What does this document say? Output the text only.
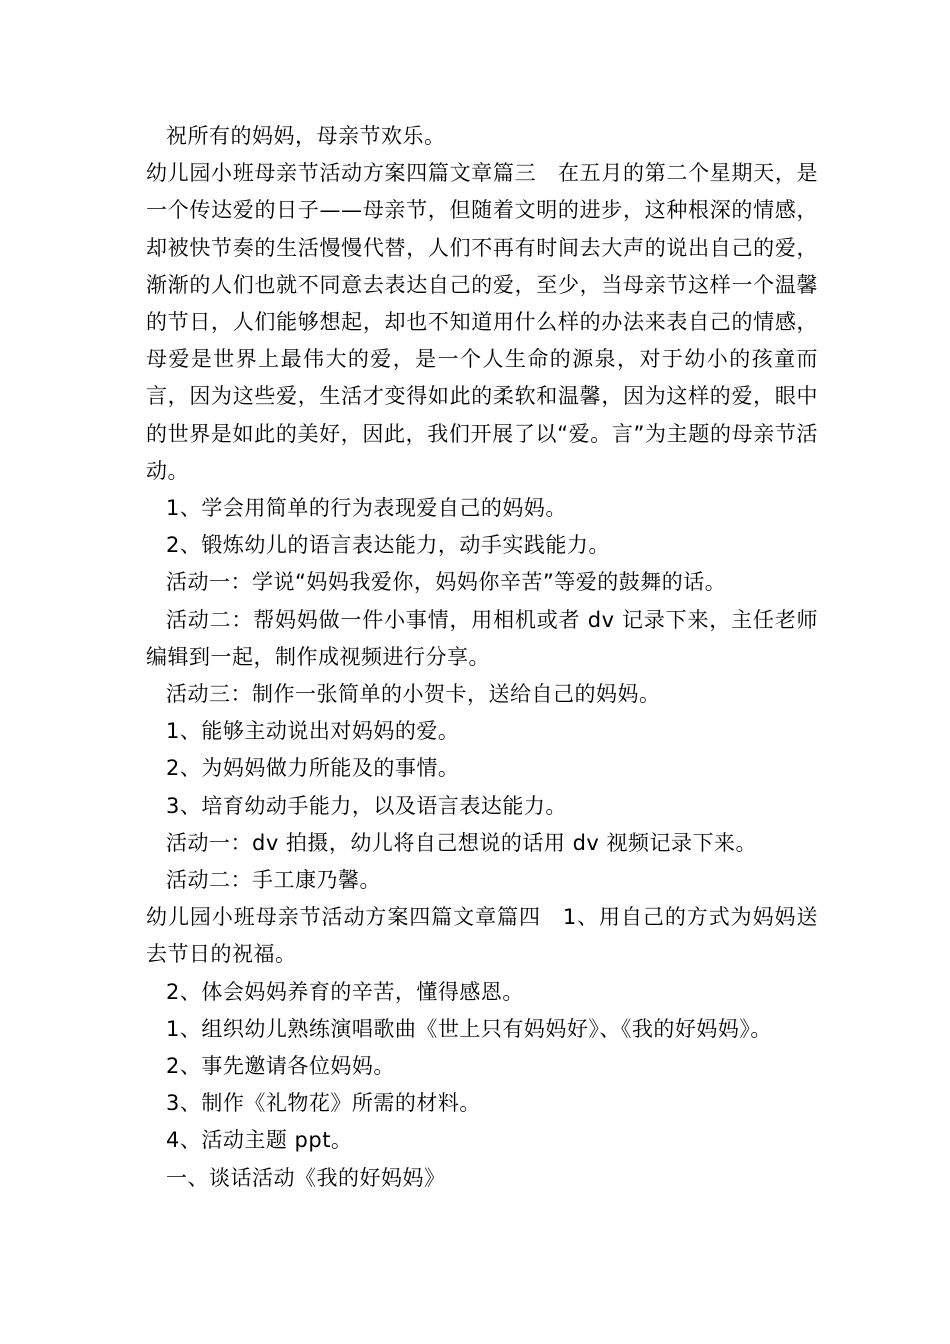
祝所有的妈妈，母亲节欢乐。

幼儿园小班母亲节活动方案四篇文章篇三　在五月的第二个星期天，是一个传达爱的日子——母亲节，但随着文明的进步，这种根深的情感，却被快节奏的生活慢慢代替，人们不再有时间去大声的说出自己的爱，渐渐的人们也就不同意去表达自己的爱，至少，当母亲节这样一个温馨的节日，人们能够想起，却也不知道用什么样的办法来表自己的情感，母爱是世界上最伟大的爱，是一个人生命的源泉，对于幼小的孩童而言，因为这些爱，生活才变得如此的柔软和温馨，因为这样的爱，眼中的世界是如此的美好，因此，我们开展了以“爱。言”为主题的母亲节活动。

1、学会用简单的行为表现爱自己的妈妈。

2、锻炼幼儿的语言表达能力，动手实践能力。

活动一：学说“妈妈我爱你，妈妈你辛苦”等爱的鼓舞的话。

活动二：帮妈妈做一件小事情，用相机或者 dv 记录下来，主任老师编辑到一起，制作成视频进行分享。

活动三：制作一张简单的小贺卡，送给自己的妈妈。

1、能够主动说出对妈妈的爱。

2、为妈妈做力所能及的事情。

3、培育幼动手能力，以及语言表达能力。

活动一：dv 拍摄，幼儿将自己想说的话用 dv 视频记录下来。

活动二：手工康乃馨。

幼儿园小班母亲节活动方案四篇文章篇四　1、用自己的方式为妈妈送去节日的祝福。

2、体会妈妈养育的辛苦，懂得感恩。

1、组织幼儿熟练演唱歌曲《世上只有妈妈好》、《我的好妈妈》。

2、事先邀请各位妈妈。

3、制作《礼物花》所需的材料。

4、活动主题 ppt。

一、谈话活动《我的好妈妈》
